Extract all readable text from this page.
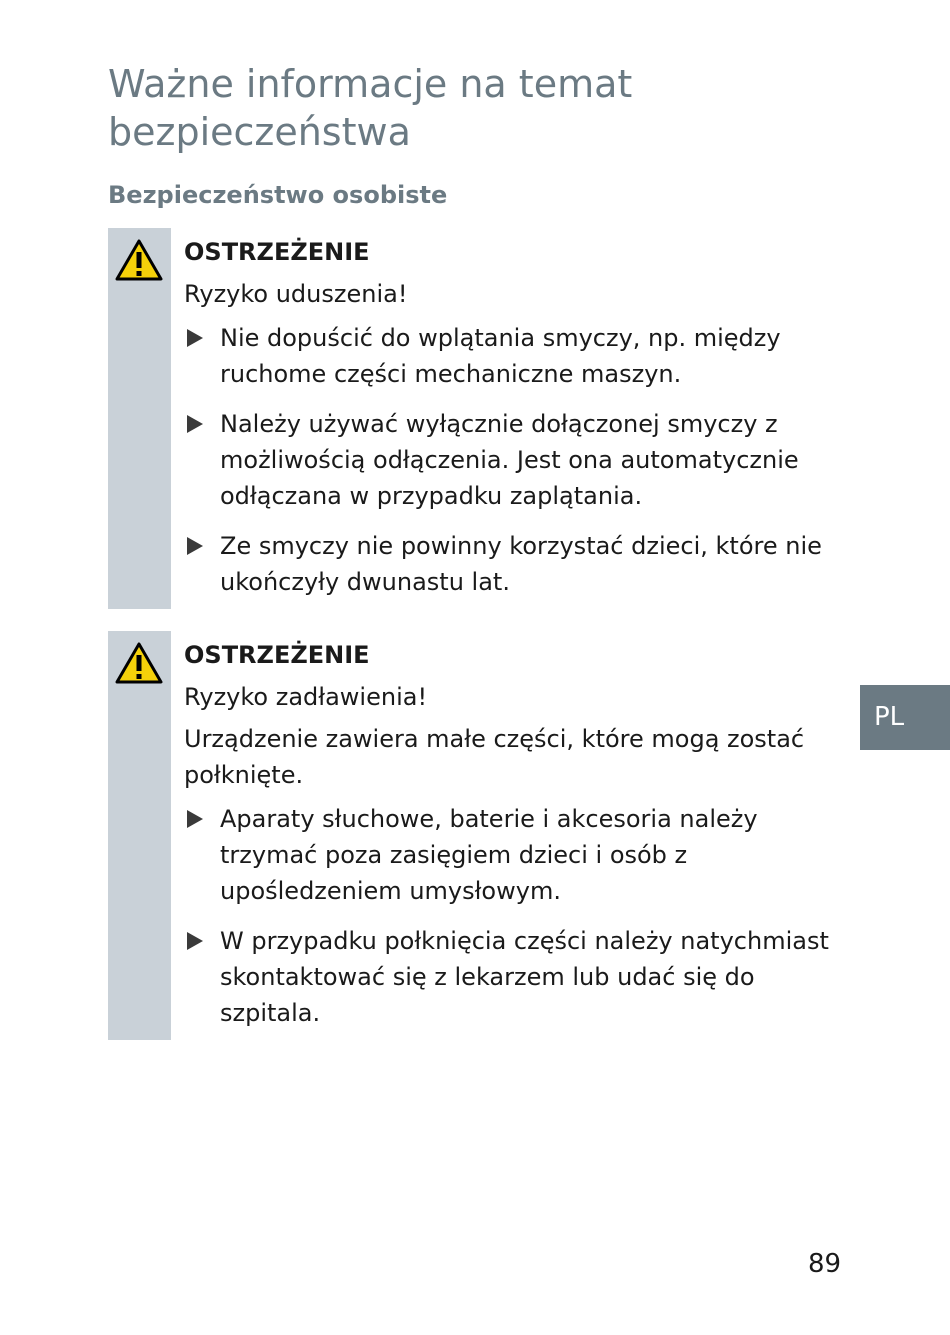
Ważne informacje na temat bezpieczeństwa
Bezpieczeństwo osobiste

OSTRZEŻENIE

Ryzyko uduszenia!

Nie dopuścić do wplątania smyczy, np. między ruchome części mechaniczne maszyn.
Należy używać wyłącznie dołączonej smyczy z możliwością odłączenia. Jest ona automatycznie odłączana w przypadku zaplątania.
Ze smyczy nie powinny korzystać dzieci, które nie ukończyły dwunastu lat.

OSTRZEŻENIE

Ryzyko zadławienia!

Urządzenie zawiera małe części, które mogą zostać połknięte.

Aparaty słuchowe, baterie i akcesoria należy trzymać poza zasięgiem dzieci i osób z upośledzeniem umysłowym.
W przypadku połknięcia części należy natychmiast skontaktować się z lekarzem lub udać się do szpitala.
PL
89
